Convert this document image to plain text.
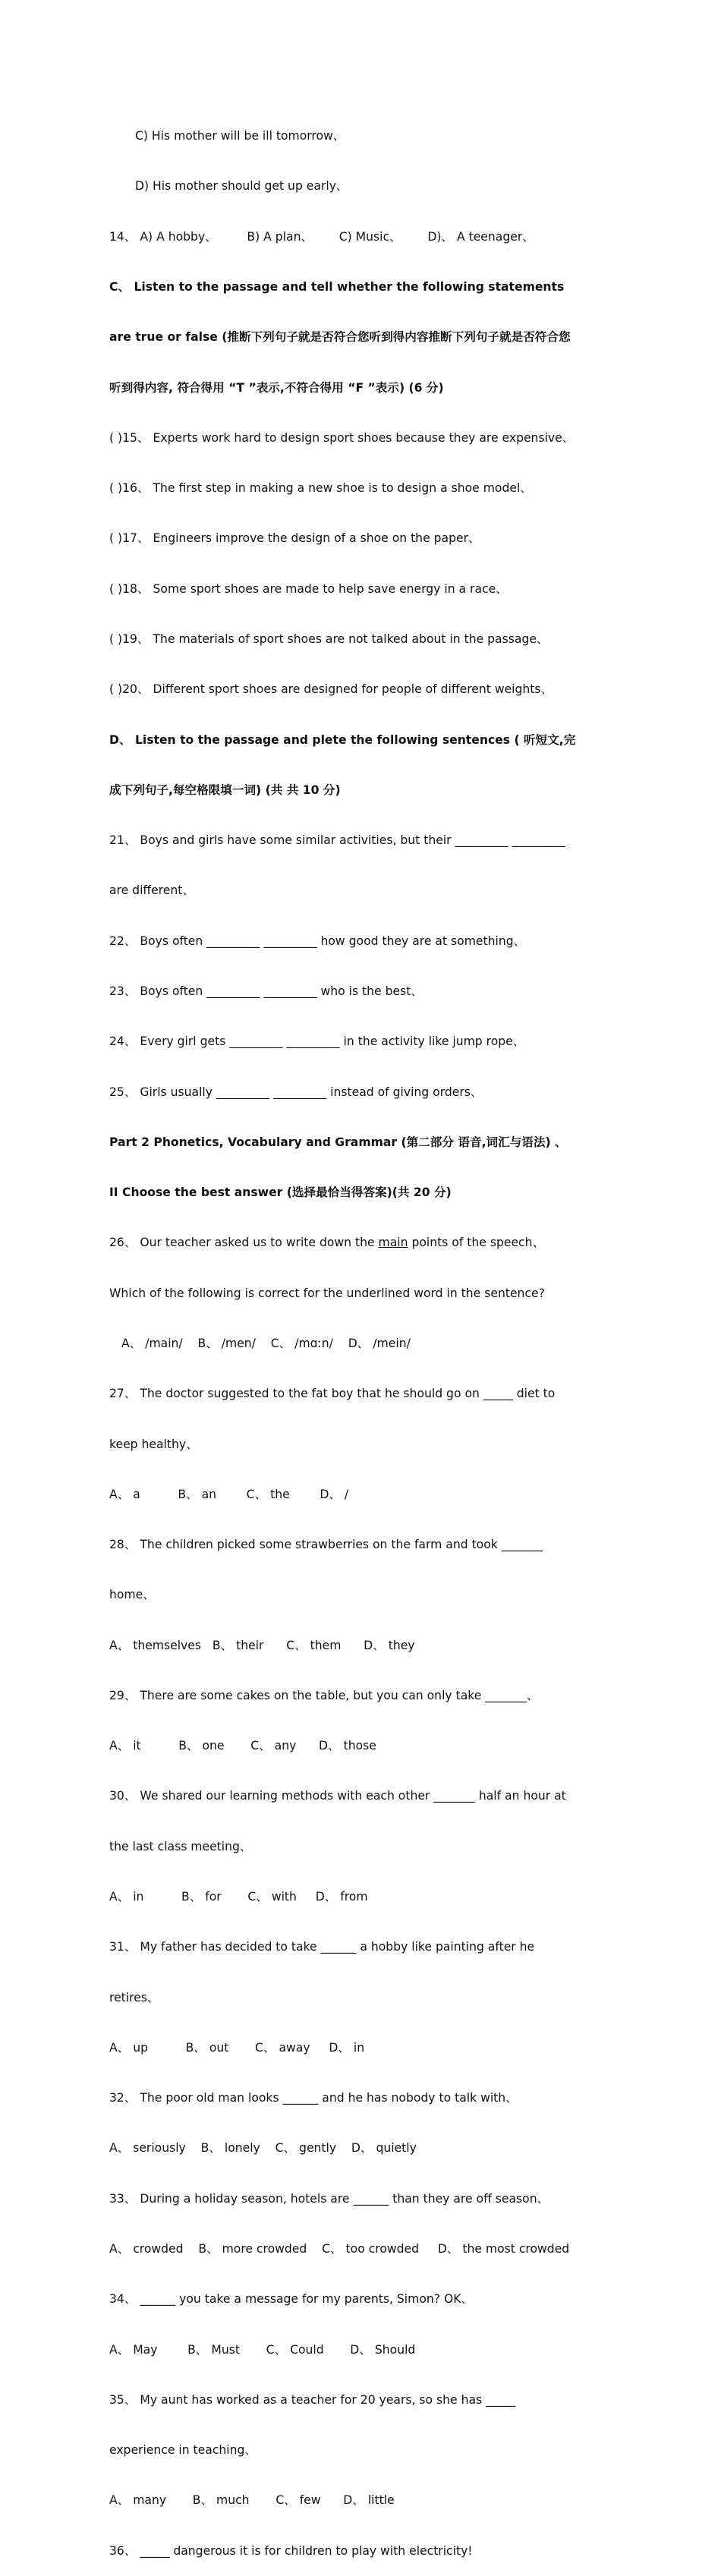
C) His mother will be ill tomorrow、

D) His mother should get up early、

14、 A) A hobby、        B) A plan、       C) Music、       D)、 A teenager、

C、 Listen to the passage and tell whether the following statements

are true or false (推断下列句子就是否符合您听到得内容推断下列句子就是否符合您

听到得内容, 符合得用 “T ”表示,不符合得用 “F ”表示) (6 分)

( )15、 Experts work hard to design sport shoes because they are expensive、

( )16、 The first step in making a new shoe is to design a shoe model、

( )17、 Engineers improve the design of a shoe on the paper、

( )18、 Some sport shoes are made to help save energy in a race、

( )19、 The materials of sport shoes are not talked about in the passage、

( )20、 Different sport shoes are designed for people of different weights、

D、 Listen to the passage and plete the following sentences ( 听短文,完

成下列句子,每空格限填一词) (共 共 10 分)

21、 Boys and girls have some similar activities, but their _________ _________

are different、

22、 Boys often _________ _________ how good they are at something、

23、 Boys often _________ _________ who is the best、

24、 Every girl gets _________ _________ in the activity like jump rope、

25、 Girls usually _________ _________ instead of giving orders、

Part 2 Phonetics, Vocabulary and Grammar (第二部分 语音,词汇与语法) 、

II Choose the best answer (选择最恰当得答案)(共 20 分)

26、 Our teacher asked us to write down the main points of the speech、

Which of the following is correct for the underlined word in the sentence?

A、 /main/    B、 /men/    C、 /mɑːn/    D、 /mein/

27、 The doctor suggested to the fat boy that he should go on _____ diet to

keep healthy、

A、 a          B、 an        C、 the        D、 /

28、 The children picked some strawberries on the farm and took _______

home、

A、 themselves   B、 their      C、 them      D、 they

29、 There are some cakes on the table, but you can only take _______、

A、 it          B、 one       C、 any      D、 those

30、 We shared our learning methods with each other _______ half an hour at

the last class meeting、

A、 in          B、 for       C、 with     D、 from

31、 My father has decided to take ______ a hobby like painting after he

retires、

A、 up          B、 out       C、 away     D、 in

32、 The poor old man looks ______ and he has nobody to talk with、

A、 seriously    B、 lonely    C、 gently    D、 quietly

33、 During a holiday season, hotels are ______ than they are off season、

A、 crowded    B、 more crowded    C、 too crowded     D、 the most crowded

34、 ______ you take a message for my parents, Simon? OK、

A、 May        B、 Must       C、 Could       D、 Should

35、 My aunt has worked as a teacher for 20 years, so she has _____

experience in teaching、

A、 many       B、 much       C、 few      D、 little

36、 _____ dangerous it is for children to play with electricity!
